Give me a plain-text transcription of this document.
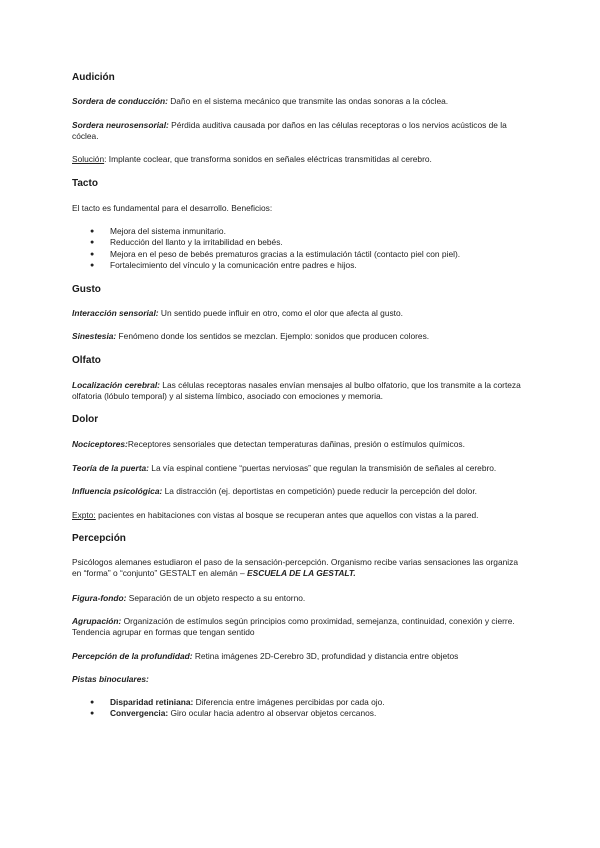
Audición

Sordera de conducción: Daño en el sistema mecánico que transmite las ondas sonoras a la cóclea.

Sordera neurosensorial: Pérdida auditiva causada por daños en las células receptoras o los nervios acústicos de la cóclea.

Solución: Implante coclear, que transforma sonidos en señales eléctricas transmitidas al cerebro.

Tacto

El tacto es fundamental para el desarrollo. Beneficios:

● Mejora del sistema inmunitario.
● Reducción del llanto y la irritabilidad en bebés.
● Mejora en el peso de bebés prematuros gracias a la estimulación táctil (contacto piel con piel).
● Fortalecimiento del vínculo y la comunicación entre padres e hijos.

Gusto

Interacción sensorial: Un sentido puede influir en otro, como el olor que afecta al gusto.

Sinestesia: Fenómeno donde los sentidos se mezclan. Ejemplo: sonidos que producen colores.

Olfato

Localización cerebral: Las células receptoras nasales envían mensajes al bulbo olfatorio, que los transmite a la corteza olfatoria (lóbulo temporal) y al sistema límbico, asociado con emociones y memoria.

Dolor

Nociceptores:Receptores sensoriales que detectan temperaturas dañinas, presión o estímulos químicos.

Teoría de la puerta: La vía espinal contiene “puertas nerviosas” que regulan la transmisión de señales al cerebro.

Influencia psicológica: La distracción (ej. deportistas en competición) puede reducir la percepción del dolor.

Expto: pacientes en habitaciones con vistas al bosque se recuperan antes que aquellos con vistas a la pared.

Percepción

Psicólogos alemanes estudiaron el paso de la sensación-percepción. Organismo recibe varias sensaciones las organiza en “forma” o “conjunto” GESTALT en alemán – ESCUELA DE LA GESTALT.

Figura-fondo: Separación de un objeto respecto a su entorno.

Agrupación: Organización de estímulos según principios como proximidad, semejanza, continuidad, conexión y cierre. Tendencia agrupar en formas que tengan sentido

Percepción de la profundidad: Retina imágenes 2D-Cerebro 3D, profundidad y distancia entre objetos

Pistas binoculares:

● Disparidad retiniana: Diferencia entre imágenes percibidas por cada ojo.
● Convergencia: Giro ocular hacia adentro al observar objetos cercanos.
